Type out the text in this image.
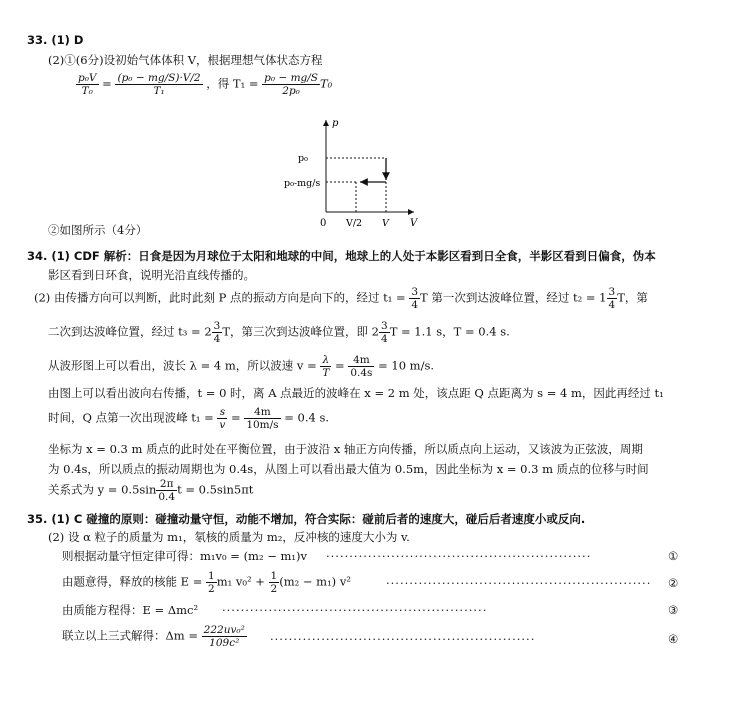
33. (1) D
(2)①(6分)设初始气体体积 V，根据理想气体状态方程
$\frac{\text{p₀V}}{\text{T₀}} = \frac{\text{(p₀ − mg/S)·V/2}}{\text{T₁}}$ ，得 $T_1 = \frac{\text{p₀ − mg/S}}{\text{2p₀}} T_0$
p
V
0
p₀
p₀-mg/s
V/2 V
②如图所示（4分）
34. (1) CDF 解析：日食是因为月球位于太阳和地球的中间，地球上的人处于本影区看到日全食，半影区看到日偏食，伪本
影区看到日环食，说明光沿直线传播的。
(2) 由传播方向可以判断，此时此刻 P 点的振动方向是向下的，经过 $t_1 = \frac{3}{4}$ T 第一次到达波峰位置，经过 $t_2 = 1 \frac{3}{4}$ T，第
二次到达波峰位置，经过 $t_3 = 2 \frac{3}{4}$ T，第三次到达波峰位置，即 $2 \frac{3}{4}$ T = 1.1 s，T = 0.4 s.
从波形图上可以看出，波长 λ = 4 m，所以波速 $v = \frac{\lambda}{T} = \frac{4m}{0.4s} = 10$ m/s.
由图上可以看出波向右传播，t = 0 时，离 A 点最近的波峰在 x = 2 m 处，该点距 Q 点距离为 s = 4 m，因此再经过 t₁
时间，Q 点第一次出现波峰 $t_1 = \frac{s}{v} = \frac{4m}{10m/s} = 0.4$ s.
坐标为 x = 0.3 m 质点的此时处在平衡位置，由于波沿 x 轴正方向传播，所以质点向上运动，又该波为正弦波，周期
为 0.4s，所以质点的振动周期也为 0.4s，从图上可以看出最大值为 0.5m，因此坐标为 x = 0.3 m 质点的位移与时间
关系式为 $y = 0.5\sin \frac{2\pi}{0.4}$ t = 0.5sin5πt
35. (1) C 碰撞的原则：碰撞动量守恒，动能不增加，符合实际：碰前后者的速度大，碰后后者速度小或反向.
(2) 设 α 粒子的质量为 m₁，氡核的质量为 m₂，反冲核的速度大小为 v.
则根据动量守恒定律可得：m₁v₀ = (m₂ − m₁)v ·························································	①
由题意得，释放的核能 $E = \frac{1}{2} m_1$ $v_0^2 + \frac{1}{2} (m_2 - m_1)$ v²	·························································	②
由质能方程得：E = Δmc² ·························································	③
联立以上三式解得：$\Delta m = \frac{\text{222uv₀²}}{\text{109c²}}$ ·························································	④
